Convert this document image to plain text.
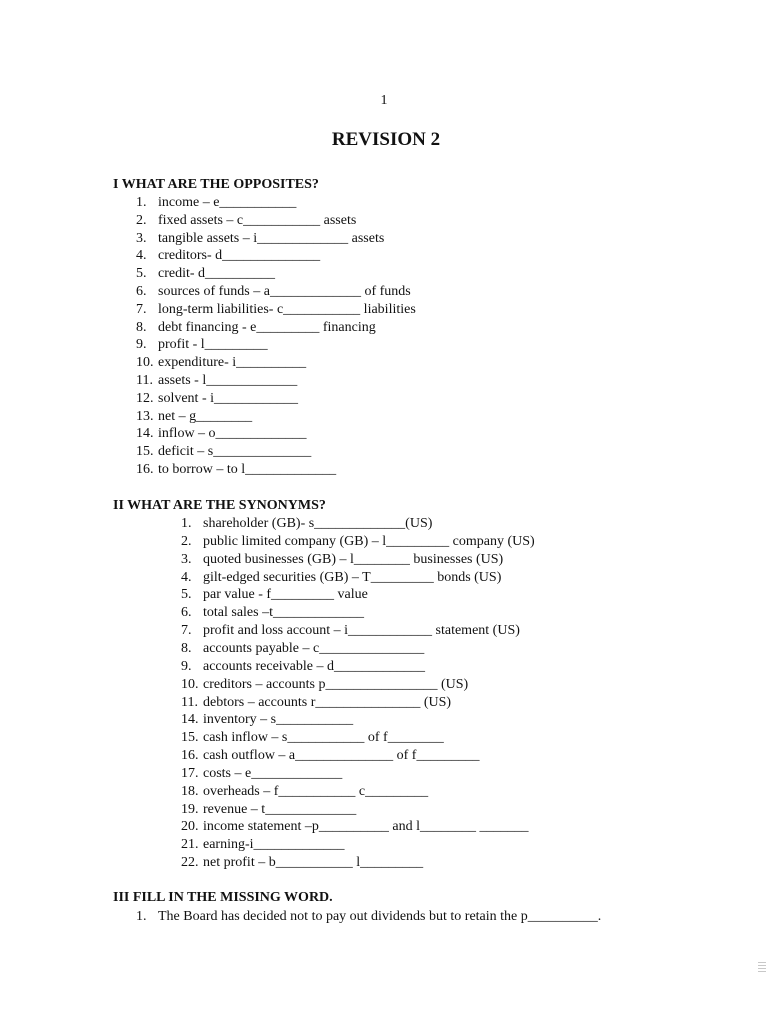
1
REVISION 2
I WHAT ARE THE OPPOSITES?
1. income – e___________
2. fixed assets – c___________ assets
3. tangible assets – i_____________ assets
4. creditors- d______________
5. credit- d__________
6. sources of funds – a_____________ of funds
7.long-term liabilities- c___________ liabilities
8. debt financing - e_________ financing
9. profit - l_________
10. expenditure- i__________
11.assets - l_____________
12. solvent - i____________
13. net – g________
14. inflow – o_____________
15. deficit – s______________
16. to borrow – to l_____________
II WHAT ARE THE SYNONYMS?
1. shareholder (GB)- s_____________(US)
2. public limited company (GB) – l_________ company (US)
3. quoted businesses (GB) – l________ businesses (US)
4. gilt-edged securities (GB) – T_________ bonds (US)
5. par value - f_________ value
6. total sales –t_____________
7. profit and loss account – i____________ statement (US)
8. accounts payable – c_______________
9. accounts receivable – d_____________
10. creditors – accounts p________________ (US)
11. debtors – accounts r_______________ (US)
14. inventory – s___________
15. cash inflow – s___________ of f________
16. cash outflow – a______________ of f_________
17. costs – e_____________
18. overheads – f___________ c_________
19. revenue – t_____________
20. income statement –p__________ and l________ _______
21. earning-i_____________
22. net profit – b___________ l_________
III FILL IN THE MISSING WORD.
1. The Board has decided not to pay out dividends but to retain the p__________.
